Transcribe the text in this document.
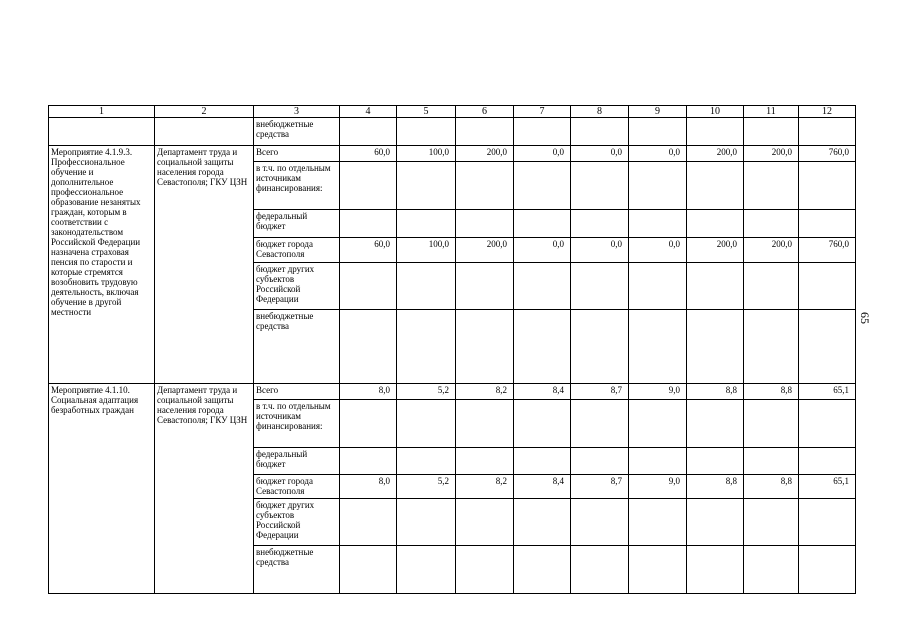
1	2	3	4	5	6	7	8	9	10	11	12
		внебюджетные средства									
Мероприятие 4.1.9.3. Профессиональное обучение и дополнительное профессиональное образование незанятых граждан, которым в соответствии с законодательством Российской Федерации назначена страховая пенсия по старости и которые стремятся возобновить трудовую деятельность, включая обучение в другой местности	Департамент труда и социальной защиты населения города Севастополя; ГКУ ЦЗН	Всего	60,0	100,0	200,0	0,0	0,0	0,0	200,0	200,0	760,0
		в т.ч. по отдельным источникам финансирования:									
		федеральный бюджет									
		бюджет города Севастополя	60,0	100,0	200,0	0,0	0,0	0,0	200,0	200,0	760,0
		бюджет других субъектов Российской Федерации									
		внебюджетные средства									
Мероприятие 4.1.10. Социальная адаптация безработных граждан	Департамент труда и социальной защиты населения города Севастополя; ГКУ ЦЗН	Всего	8,0	5,2	8,2	8,4	8,7	9,0	8,8	8,8	65,1
		в т.ч. по отдельным источникам финансирования:									
		федеральный бюджет									
		бюджет города Севастополя	8,0	5,2	8,2	8,4	8,7	9,0	8,8	8,8	65,1
		бюджет других субъектов Российской Федерации									
		внебюджетные средства									
65
